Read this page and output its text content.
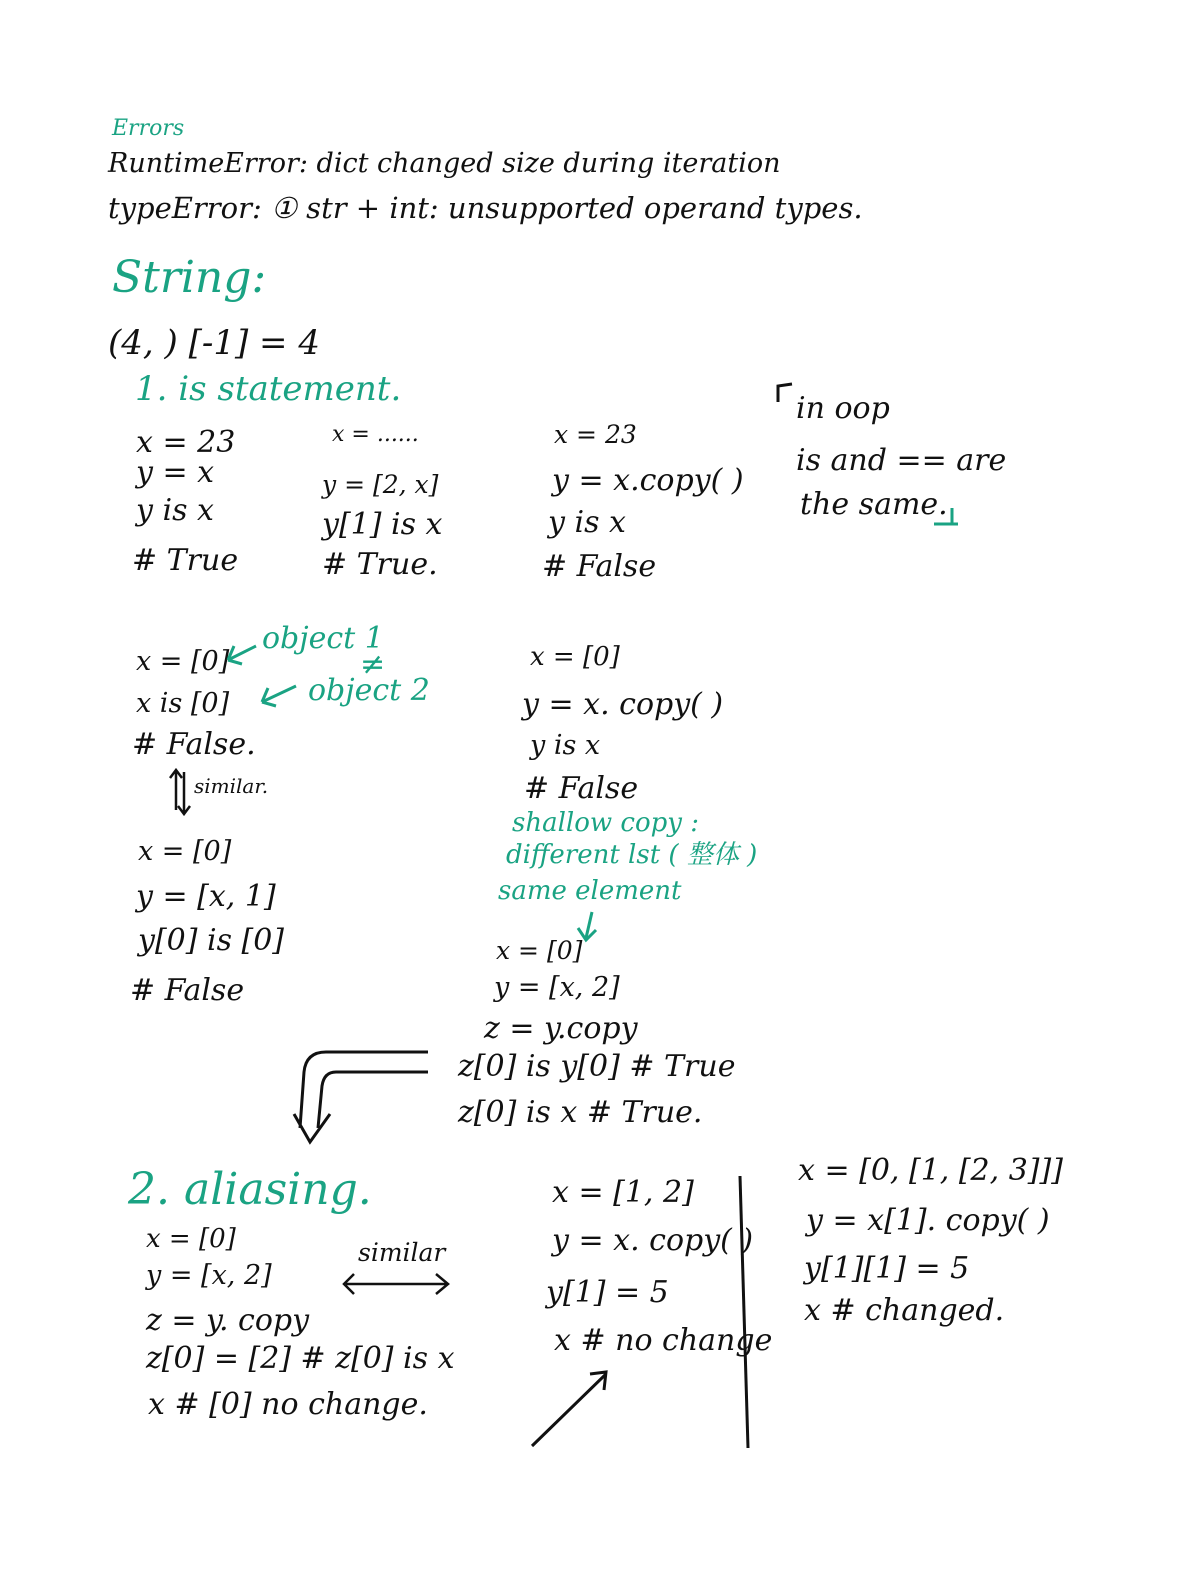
Errors
RuntimeError: dict changed size during iteration
typeError: ① str + int: unsupported operand types.
String:
(4, ) [-1] = 4
1. is statement.
x = 23
y = x
y is x
# True
x = ......
y = [2, x]
y[1] is x
# True.
x = 23
y = x.copy( )
y is x
# False
in oop
is and == are
the same.
x = [0]
x is [0]
# False.
object 1
≠
object 2
similar.
x = [0]
y = [x, 1]
y[0] is [0]
# False
x = [0]
y = x. copy( )
y is x
# False
shallow copy :
different lst ( 整体 )
same element
x = [0]
y = [x, 2]
z = y.copy
z[0] is y[0] # True
z[0] is x # True.
2. aliasing.
x = [0]
y = [x, 2]
z = y. copy
z[0] = [2] # z[0] is x
x # [0] no change.
similar
x = [1, 2]
y = x. copy( )
y[1] = 5
x # no change
x = [0, [1, [2, 3]]]
y = x[1]. copy( )
y[1][1] = 5
x # changed.
